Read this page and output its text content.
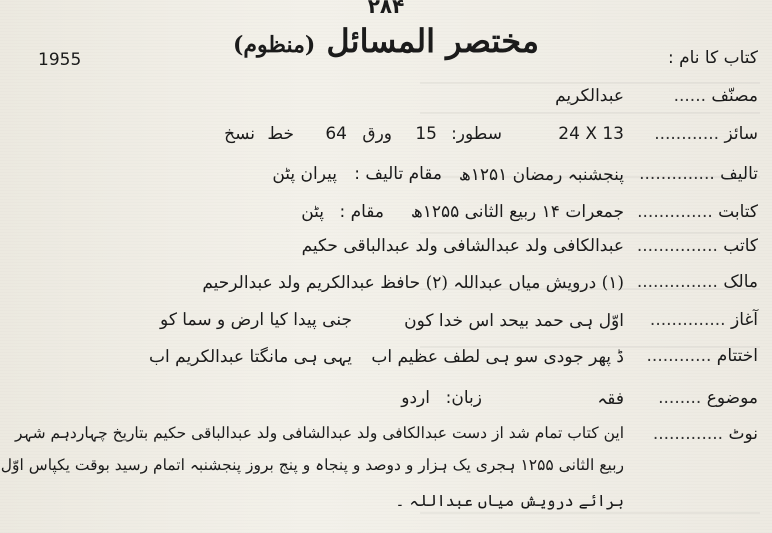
۲۸۴
مختصر المسائل (منظوم)
1955	کتاب کا نام :
مصنّف ......
عبدالکریم
سائز ............
24 X 13
سطور:
15
ورق
64
خط
نسخ
تالیف ..............
پنجشنبہ رمضان ۱۲۵۱ھ
مقام تالیف :
پیران پٹن
کتابت ..............
جمعرات ۱۴ ربیع الثانی ۱۲۵۵ھ
مقام :
پٹن
کاتب ...............
عبدالکافی ولد عبدالشافی ولد عبدالباقی حکیم
مالک ...............
(۱) درویش میاں عبداللہ (۲) حافظ عبدالکریم ولد عبدالرحیم
آغاز ..............
اوّل ہی حمد بیحد اس خدا کون
جنی پیدا کیا ارض و سما کو
اختتام ............
ڈ پھر جودی سو ہی لطف عظیم اب
یہی ہی مانگتا عبدالکریم اب
موضوع ........
فقہ
زبان:
اردو
نوٹ .............
این کتاب تمام شد از دست عبدالکافی ولد عبدالشافی ولد عبدالباقی حکیم بتاریخ چہاردہم شہر
ربیع الثانی ۱۲۵۵ ہجری یک ہزار و دوصد و پنجاہ و پنج بروز پنجشنبہ اتمام رسید بوقت یکپاس اوّل
برائے درویش میاں عبداللہ ۔
